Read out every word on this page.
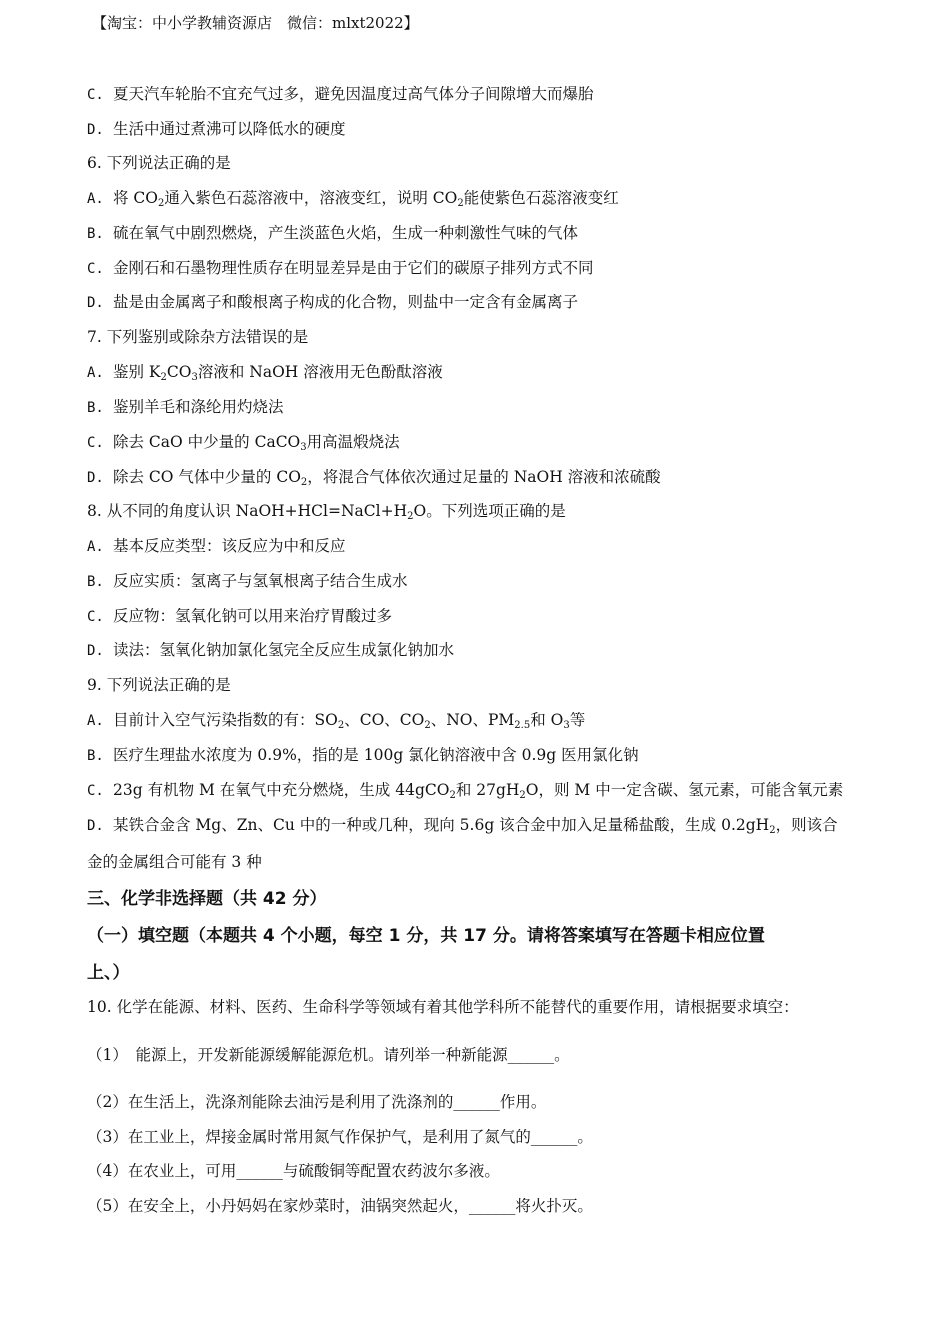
【淘宝：中小学教辅资源店　微信：mlxt2022】
C. 夏天汽车轮胎不宜充气过多，避免因温度过高气体分子间隙增大而爆胎
D. 生活中通过煮沸可以降低水的硬度
6. 下列说法正确的是
A. 将 $CO_2$通入紫色石蕊溶液中，溶液变红，说明 $CO_2$能使紫色石蕊溶液变红
B. 硫在氧气中剧烈燃烧，产生淡蓝色火焰，生成一种刺激性气味的气体
C. 金刚石和石墨物理性质存在明显差异是由于它们的碳原子排列方式不同
D. 盐是由金属离子和酸根离子构成的化合物，则盐中一定含有金属离子
7. 下列鉴别或除杂方法错误的是
A. 鉴别 $K_2CO_3$溶液和 NaOH 溶液用无色酚酞溶液
B. 鉴别羊毛和涤纶用灼烧法
C. 除去 CaO 中少量的 CaCO$_3$用高温煅烧法
D. 除去 CO 气体中少量的 $CO_2$，将混合气体依次通过足量的 NaOH 溶液和浓硫酸
8. 从不同的角度认识 $NaOH+HCl=NaCl+H_2O$。下列选项正确的是
A. 基本反应类型：该反应为中和反应
B. 反应实质：氢离子与氢氧根离子结合生成水
C. 反应物：氢氧化钠可以用来治疗胃酸过多
D. 读法：氢氧化钠加氯化氢完全反应生成氯化钠加水
9. 下列说法正确的是
A. 目前计入空气污染指数的有：$SO_2$、CO、$CO_2$、NO、$PM_{2.5}$和 $O_3$等
B. 医疗生理盐水浓度为 0.9%，指的是 100g 氯化钠溶液中含 0.9g 医用氯化钠
C. 23g 有机物 M 在氧气中充分燃烧，生成 44gCO$_2$和 $27gH_2O$，则 M 中一定含碳、氢元素，可能含氧元素
D. 某铁合金含 Mg、Zn、Cu 中的一种或几种，现向 5.6g 该合金中加入足量稀盐酸，生成 $0.2gH_2$，则该合
金的金属组合可能有 3 种
三、化学非选择题（共 42 分）
（一）填空题（本题共 4 个小题，每空 1 分，共 17 分。请将答案填写在答题卡相应位置
上、）
10. 化学在能源、材料、医药、生命科学等领域有着其他学科所不能替代的重要作用，请根据要求填空：
（1）　能源上，开发新能源缓解能源危机。请列举一种新能源______。
（2）在生活上，洗涤剂能除去油污是利用了洗涤剂的______作用。
（3）在工业上，焊接金属时常用氮气作保护气，是利用了氮气的______。
（4）在农业上，可用______与硫酸铜等配置农药波尔多液。
（5）在安全上，小丹妈妈在家炒菜时，油锅突然起火，______将火扑灭。
